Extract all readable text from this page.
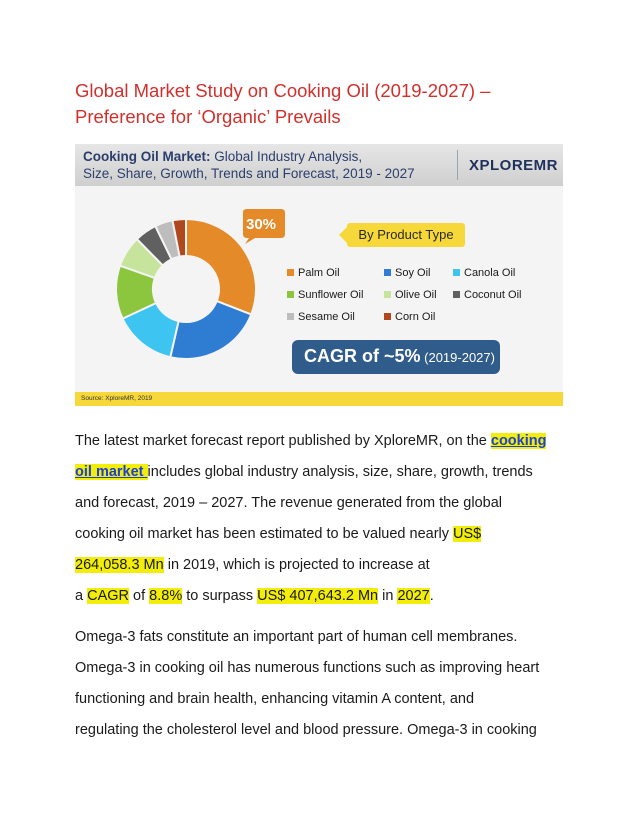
Global Market Study on Cooking Oil (2019-2027) –
Preference for ‘Organic’ Prevails
Cooking Oil Market: Global Industry Analysis,
Size, Share, Growth, Trends and Forecast, 2019 - 2027	XPLOREMR
30%
By Product Type
Palm Oil	Soy Oil	Canola Oil
Sunflower Oil	Olive Oil	Coconut Oil
Sesame Oil	Corn Oil
CAGR of ~5% (2019-2027)
Source: XploreMR, 2019
The latest market forecast report published by XploreMR, on the cooking
oil market includes global industry analysis, size, share, growth, trends
and forecast, 2019 – 2027. The revenue generated from the global
cooking oil market has been estimated to be valued nearly US$
264,058.3 Mn in 2019, which is projected to increase at
a CAGR of 8.8% to surpass US$ 407,643.2 Mn in 2027.
Omega-3 fats constitute an important part of human cell membranes.
Omega-3 in cooking oil has numerous functions such as improving heart
functioning and brain health, enhancing vitamin A content, and
regulating the cholesterol level and blood pressure. Omega-3 in cooking
